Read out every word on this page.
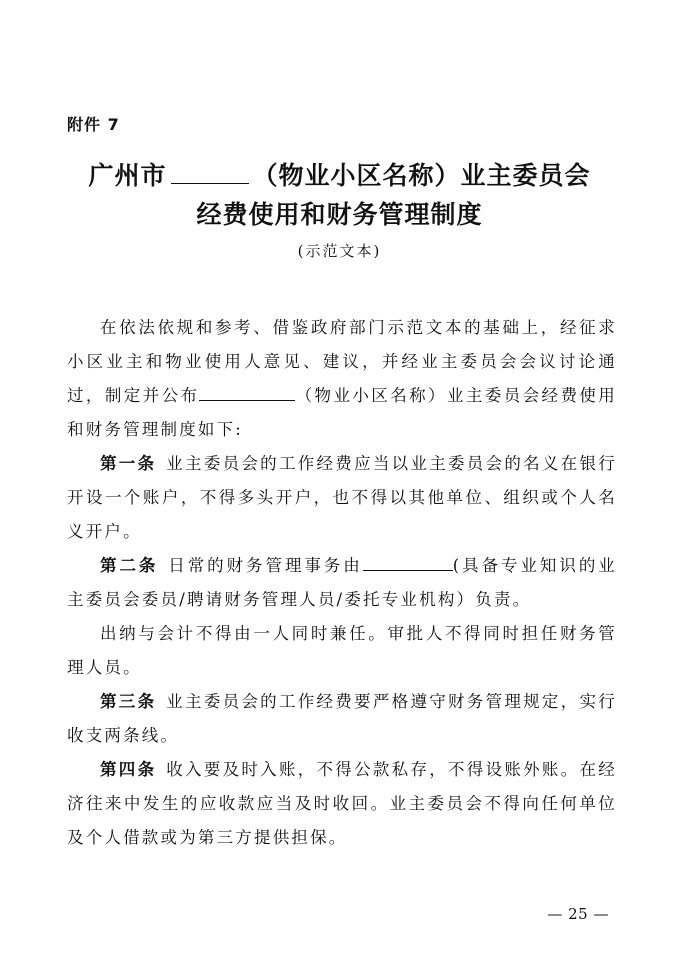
附件 7
广州市	（物业小区名称）业主委员会
经费使用和财务管理制度
(示范文本)

在依法依规和参考、借鉴政府部门示范文本的基础上，经征求小区业主和物业使用人意见、建议，并经业主委员会会议讨论通过，制定并公布	（物业小区名称）业主委员会经费使用和财务管理制度如下:

第一条 业主委员会的工作经费应当以业主委员会的名义在银行开设一个账户，不得多头开户，也不得以其他单位、组织或个人名义开户。

第二条 日常的财务管理事务由	(具备专业知识的业主委员会委员/聘请财务管理人员/委托专业机构）负责。

出纳与会计不得由一人同时兼任。审批人不得同时担任财务管理人员。

第三条 业主委员会的工作经费要严格遵守财务管理规定，实行收支两条线。

第四条 收入要及时入账，不得公款私存，不得设账外账。在经济往来中发生的应收款应当及时收回。业主委员会不得向任何单位及个人借款或为第三方提供担保。

— 25 —
